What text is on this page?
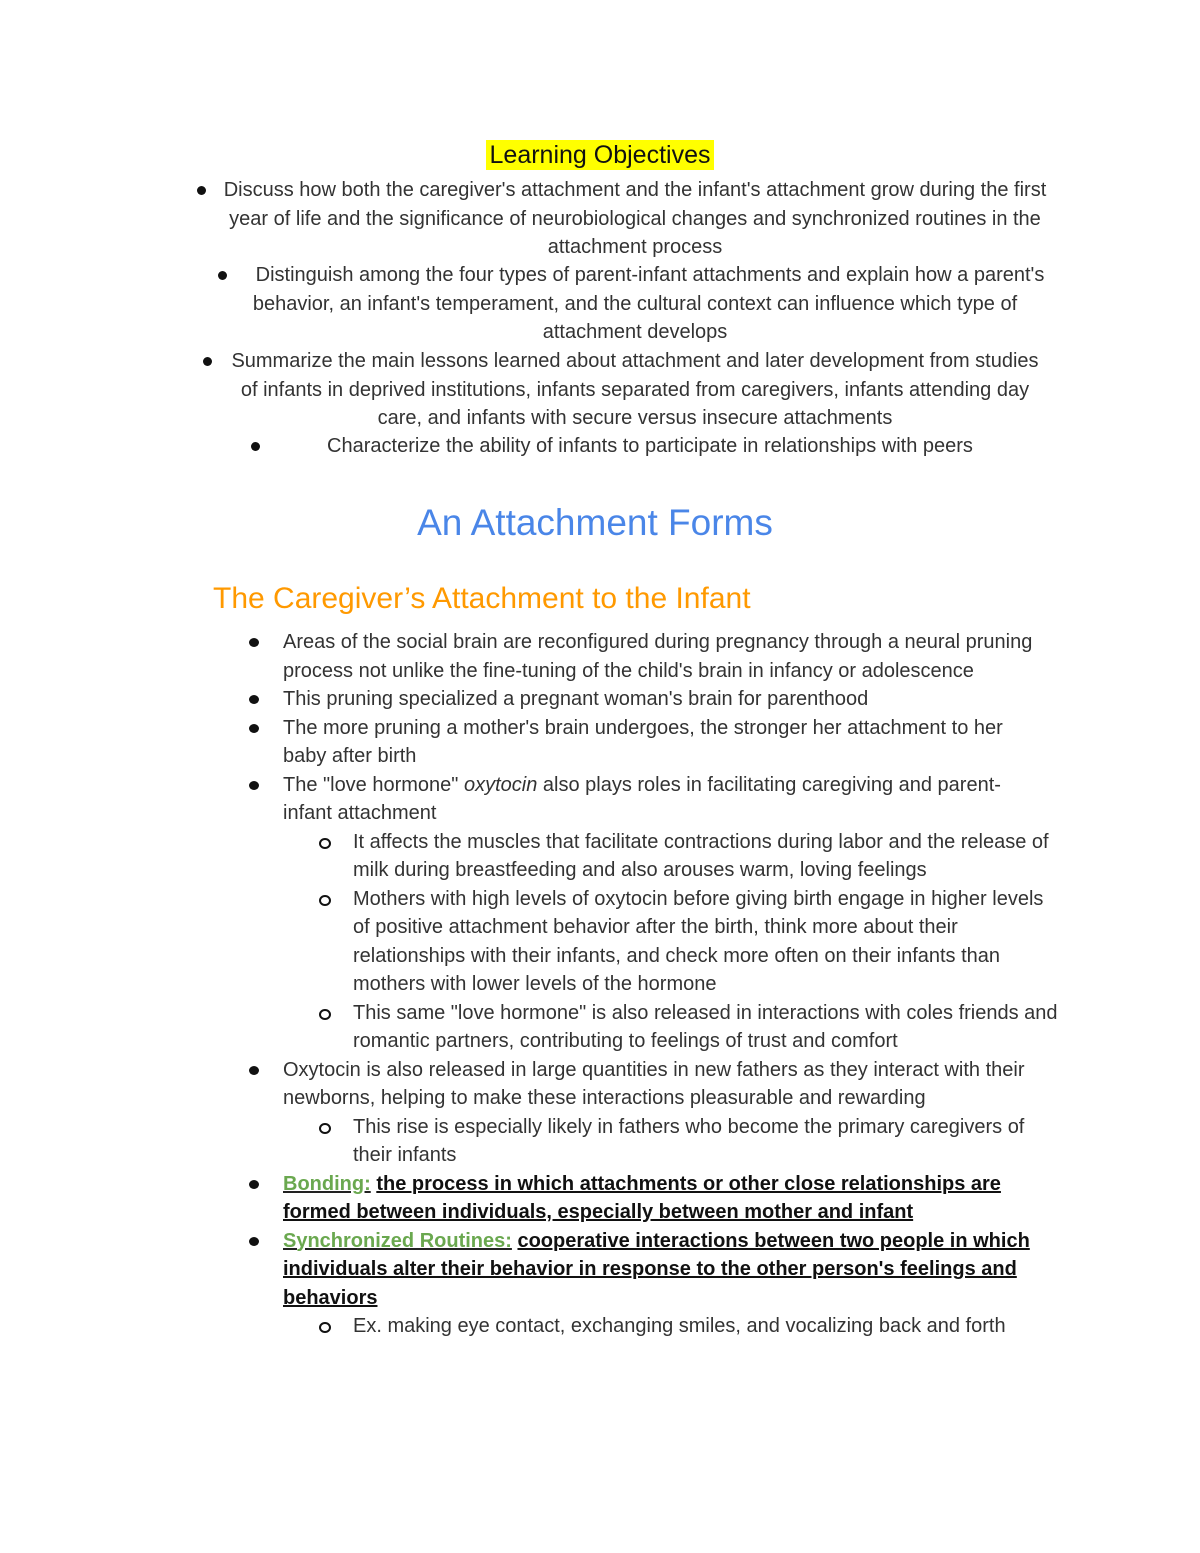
Learning Objectives
Discuss how both the caregiver's attachment and the infant's attachment grow during the first year of life and the significance of neurobiological changes and synchronized routines in the attachment process
Distinguish among the four types of parent-infant attachments and explain how a parent's behavior, an infant's temperament, and the cultural context can influence which type of attachment develops
Summarize the main lessons learned about attachment and later development from studies of infants in deprived institutions, infants separated from caregivers, infants attending day care, and infants with secure versus insecure attachments
Characterize the ability of infants to participate in relationships with peers
An Attachment Forms
The Caregiver’s Attachment to the Infant
Areas of the social brain are reconfigured during pregnancy through a neural pruning process not unlike the fine-tuning of the child's brain in infancy or adolescence
This pruning specialized a pregnant woman's brain for parenthood
The more pruning a mother's brain undergoes, the stronger her attachment to her baby after birth
The "love hormone" oxytocin also plays roles in facilitating caregiving and parent-infant attachment
It affects the muscles that facilitate contractions during labor and the release of milk during breastfeeding and also arouses warm, loving feelings
Mothers with high levels of oxytocin before giving birth engage in higher levels of positive attachment behavior after the birth, think more about their relationships with their infants, and check more often on their infants than mothers with lower levels of the hormone
This same "love hormone" is also released in interactions with coles friends and romantic partners, contributing to feelings of trust and comfort
Oxytocin is also released in large quantities in new fathers as they interact with their newborns, helping to make these interactions pleasurable and rewarding
This rise is especially likely in fathers who become the primary caregivers of their infants
Bonding: the process in which attachments or other close relationships are formed between individuals, especially between mother and infant
Synchronized Routines: cooperative interactions between two people in which individuals alter their behavior in response to the other person's feelings and behaviors
Ex. making eye contact, exchanging smiles, and vocalizing back and forth
